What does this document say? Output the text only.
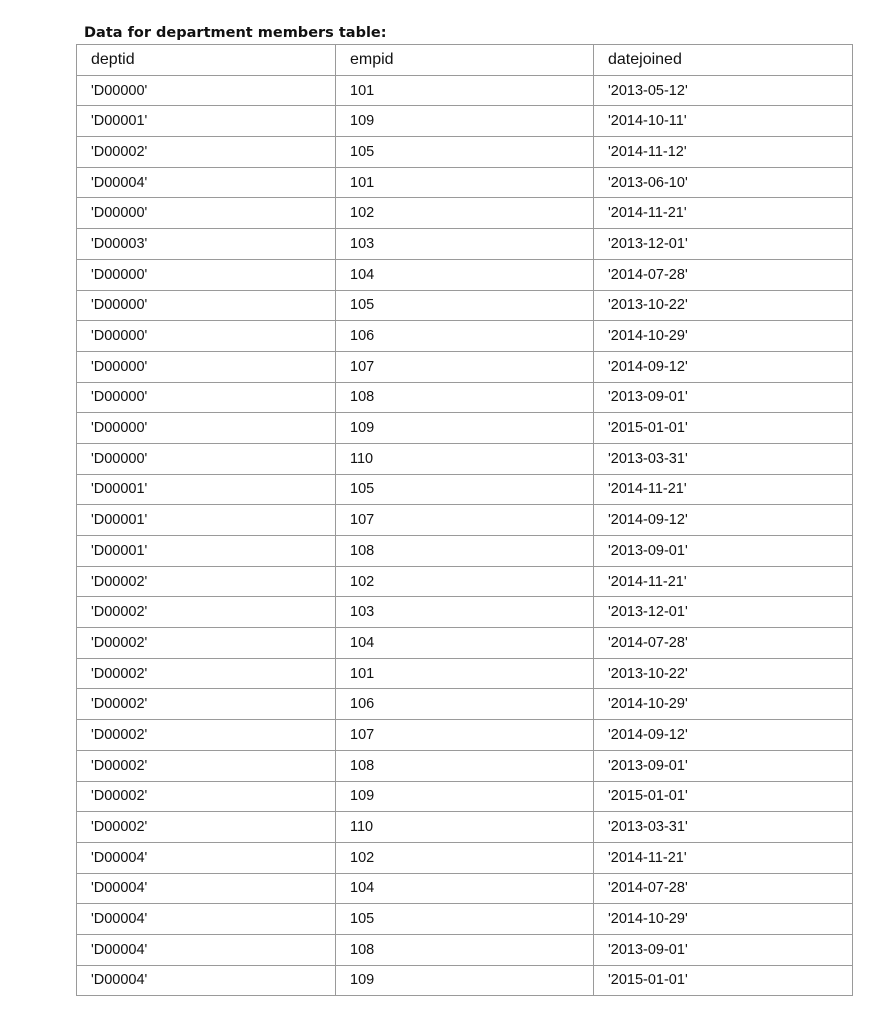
Data for department members table:
deptid	empid	datejoined
'D00000'	101	'2013-05-12'
'D00001'	109	'2014-10-11'
'D00002'	105	'2014-11-12'
'D00004'	101	'2013-06-10'
'D00000'	102	'2014-11-21'
'D00003'	103	'2013-12-01'
'D00000'	104	'2014-07-28'
'D00000'	105	'2013-10-22'
'D00000'	106	'2014-10-29'
'D00000'	107	'2014-09-12'
'D00000'	108	'2013-09-01'
'D00000'	109	'2015-01-01'
'D00000'	110	'2013-03-31'
'D00001'	105	'2014-11-21'
'D00001'	107	'2014-09-12'
'D00001'	108	'2013-09-01'
'D00002'	102	'2014-11-21'
'D00002'	103	'2013-12-01'
'D00002'	104	'2014-07-28'
'D00002'	101	'2013-10-22'
'D00002'	106	'2014-10-29'
'D00002'	107	'2014-09-12'
'D00002'	108	'2013-09-01'
'D00002'	109	'2015-01-01'
'D00002'	110	'2013-03-31'
'D00004'	102	'2014-11-21'
'D00004'	104	'2014-07-28'
'D00004'	105	'2014-10-29'
'D00004'	108	'2013-09-01'
'D00004'	109	'2015-01-01'
